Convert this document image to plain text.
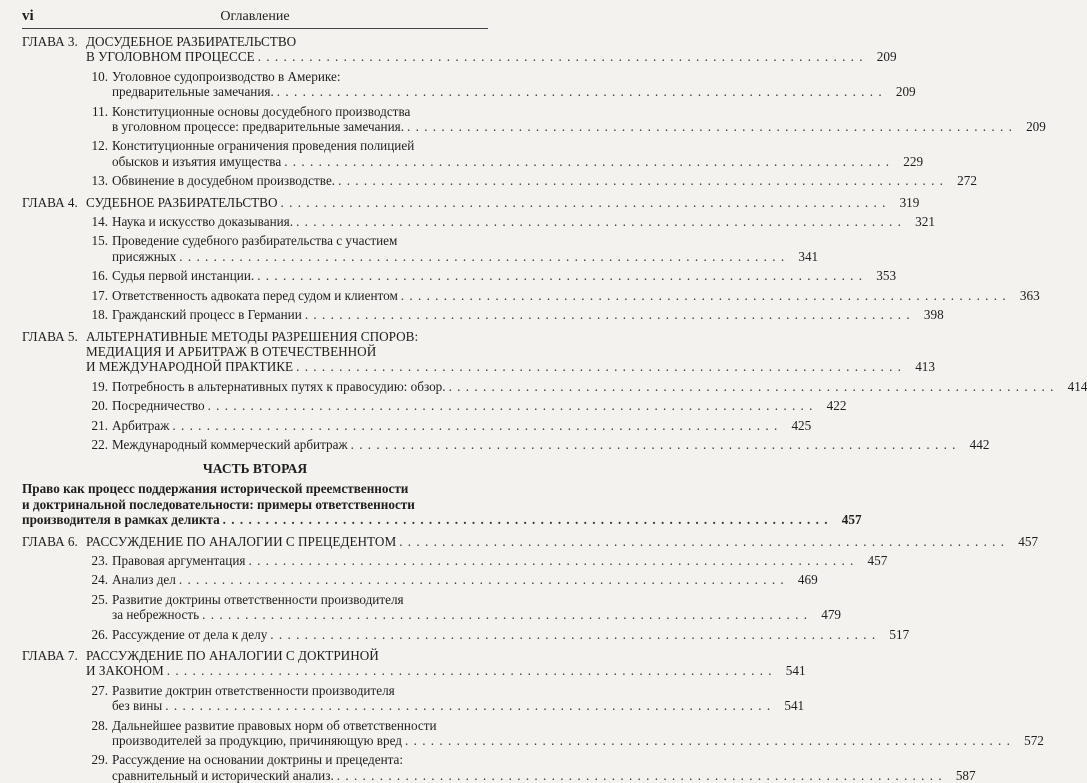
vi	Оглавление
ГЛАВА 3. ДОСУДЕБНОЕ РАЗБИРАТЕЛЬСТВО
В УГОЛОВНОМ ПРОЦЕССЕ . . .	209
10. Уголовное судопроизводство в Америке:
предварительные замечания. . . .	209
11. Конституционные основы досудебного производства
в уголовном процессе: предварительные замечания. . . .	209
12. Конституционные ограничения проведения полицией
обысков и изъятия имущества . . .	229
13. Обвинение в досудебном производстве. . . .	272
ГЛАВА 4. СУДЕБНОЕ РАЗБИРАТЕЛЬСТВО . . .	319
14. Наука и искусство доказывания. . . .	321
15. Проведение судебного разбирательства с участием
присяжных . . .	341
16. Судья первой инстанции. . . .	353
17. Ответственность адвоката перед судом и клиентом . . .	363
18. Гражданский процесс в Германии . . .	398
ГЛАВА 5. АЛЬТЕРНАТИВНЫЕ МЕТОДЫ РАЗРЕШЕНИЯ СПОРОВ:
МЕДИАЦИЯ И АРБИТРАЖ В ОТЕЧЕСТВЕННОЙ
И МЕЖДУНАРОДНОЙ ПРАКТИКЕ . . .	413
19. Потребность в альтернативных путях к правосудию: обзор. . . .	414
20. Посредничество . . .	422
21. Арбитраж . . .	425
22. Международный коммерческий арбитраж . . .	442
ЧАСТЬ ВТОРАЯ
Право как процесс поддержания исторической преемственности
и доктринальной последовательности: примеры ответственности
производителя в рамках деликта . . .	457
ГЛАВА 6. РАССУЖДЕНИЕ ПО АНАЛОГИИ С ПРЕЦЕДЕНТОМ . . .	457
23. Правовая аргументация . . .	457
24. Анализ дел . . .	469
25. Развитие доктрины ответственности производителя
за небрежность . . .	479
26. Рассуждение от дела к делу . . .	517
ГЛАВА 7. РАССУЖДЕНИЕ ПО АНАЛОГИИ С ДОКТРИНОЙ
И ЗАКОНОМ . . .	541
27. Развитие доктрин ответственности производителя
без вины . . .	541
28. Дальнейшее развитие правовых норм об ответственности
производителей за продукцию, причиняющую вред . . .	572
29. Рассуждение на основании доктрины и прецедента:
сравнительный и исторический анализ. . . .	587
